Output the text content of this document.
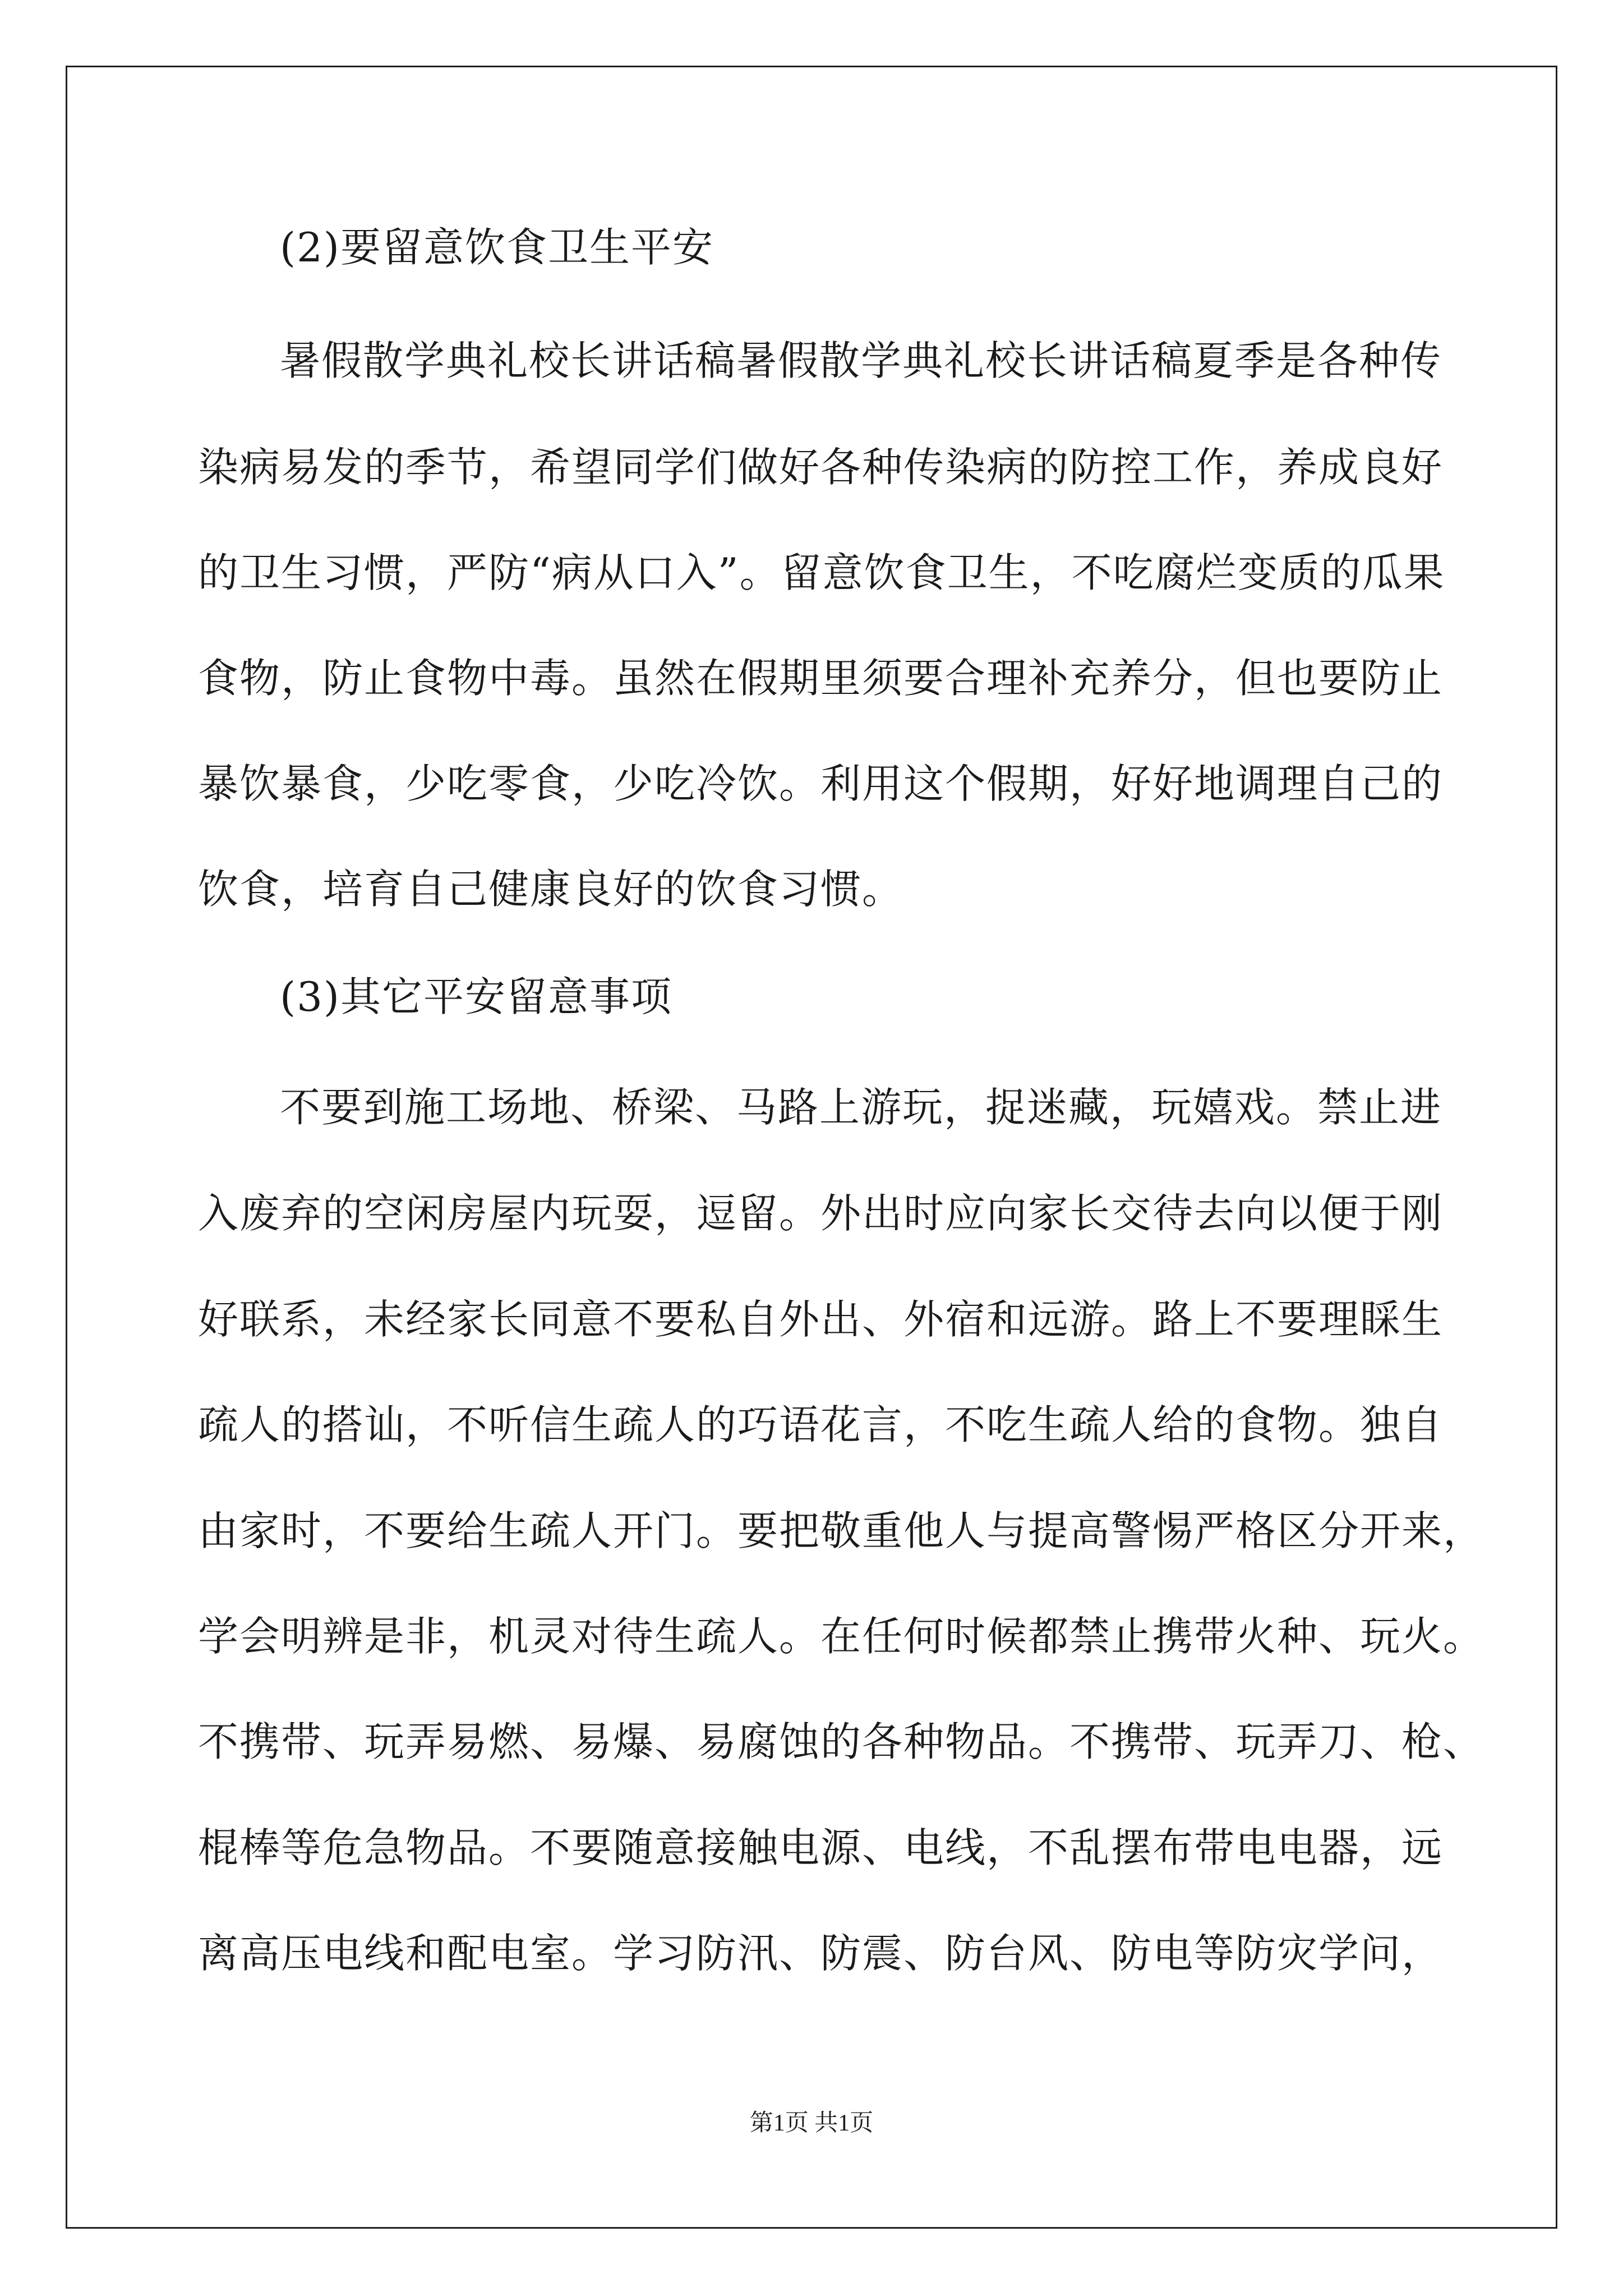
(2)要留意饮食卫生平安
暑假散学典礼校长讲话稿暑假散学典礼校长讲话稿夏季是各种传
染病易发的季节，希望同学们做好各种传染病的防控工作，养成良好
的卫生习惯，严防“病从口入”。留意饮食卫生，不吃腐烂变质的瓜果
食物，防止食物中毒。虽然在假期里须要合理补充养分，但也要防止
暴饮暴食，少吃零食，少吃冷饮。利用这个假期，好好地调理自己的
饮食，培育自己健康良好的饮食习惯。
(3)其它平安留意事项
不要到施工场地、桥梁、马路上游玩，捉迷藏，玩嬉戏。禁止进
入废弃的空闲房屋内玩耍，逗留。外出时应向家长交待去向以便于刚
好联系，未经家长同意不要私自外出、外宿和远游。路上不要理睬生
疏人的搭讪，不听信生疏人的巧语花言，不吃生疏人给的食物。独自
由家时，不要给生疏人开门。要把敬重他人与提高警惕严格区分开来，
学会明辨是非，机灵对待生疏人。在任何时候都禁止携带火种、玩火。
不携带、玩弄易燃、易爆、易腐蚀的各种物品。不携带、玩弄刀、枪、
棍棒等危急物品。不要随意接触电源、电线，不乱摆布带电电器，远
离高压电线和配电室。学习防汛、防震、防台风、防电等防灾学问，
第1页 共1页
